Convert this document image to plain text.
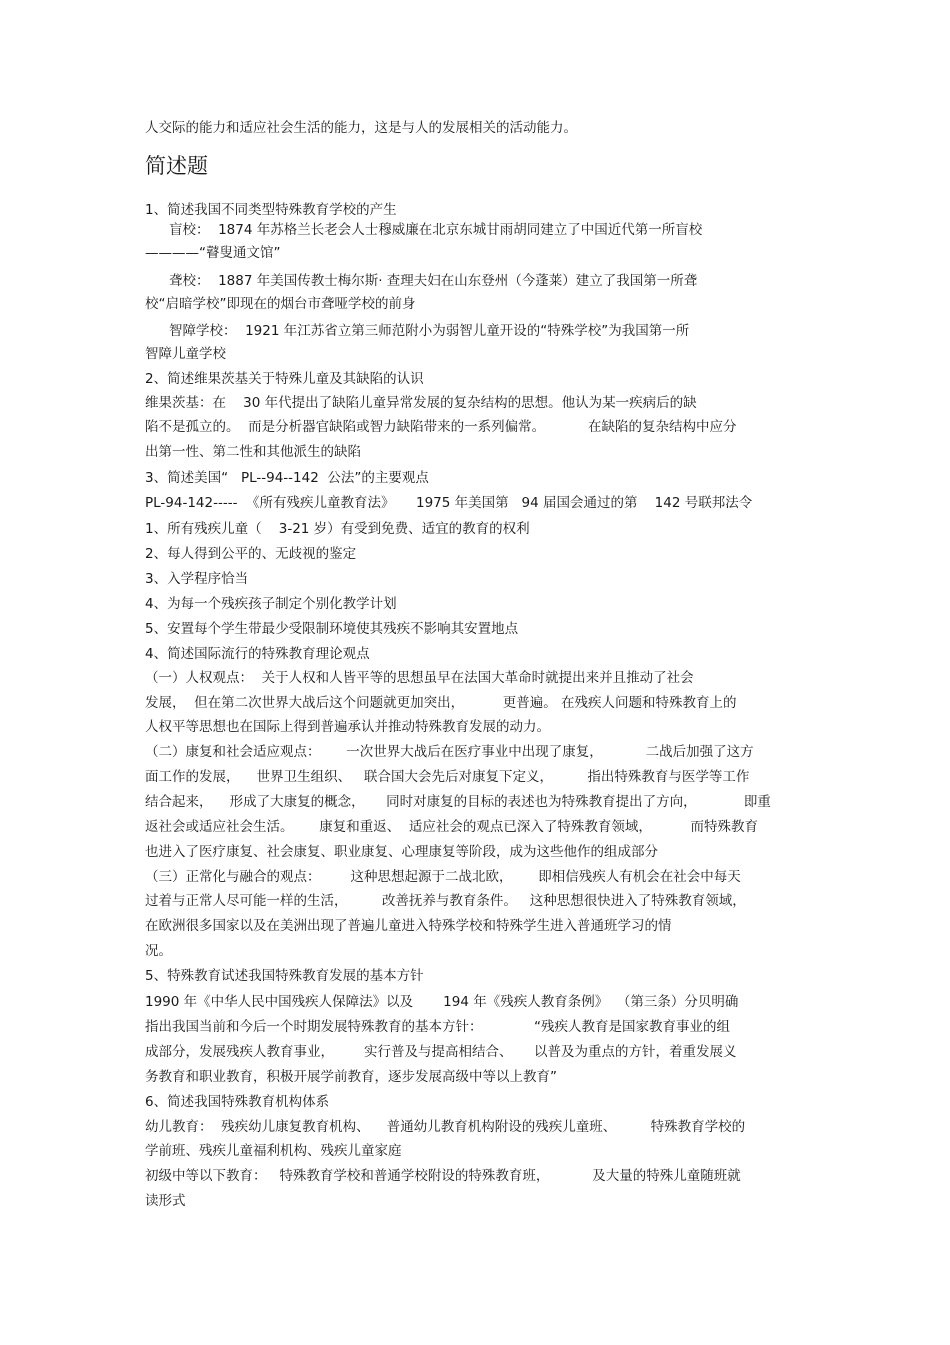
人交际的能力和适应社会生活的能力，这是与人的发展相关的活动能力。
简述题
1、简述我国不同类型特殊教育学校的产生
盲校：  1874 年苏格兰长老会人士穆威廉在北京东城甘雨胡同建立了中国近代第一所盲校
————“瞽叟通文馆”
聋校：  1887 年美国传教士梅尔斯· 查理夫妇在山东登州（今蓬莱）建立了我国第一所聋
校“启暗学校”即现在的烟台市聋哑学校的前身
智障学校：  1921 年江苏省立第三师范附小为弱智儿童开设的“特殊学校”为我国第一所
智障儿童学校
2、简述维果茨基关于特殊儿童及其缺陷的认识
维果茨基：在    30 年代提出了缺陷儿童异常发展的复杂结构的思想。他认为某一疾病后的缺
陷不是孤立的。  而是分析器官缺陷或智力缺陷带来的一系列偏常。          在缺陷的复杂结构中应分
出第一性、第二性和其他派生的缺陷
3、简述美国“   PL--94--142  公法”的主要观点
PL-94-142-----  《所有残疾儿童教育法》     1975 年美国第   94 届国会通过的第    142 号联邦法令
1、所有残疾儿童（    3-21 岁）有受到免费、适宜的教育的权利
2、每人得到公平的、无歧视的鉴定
3、入学程序恰当
4、为每一个残疾孩子制定个别化教学计划
5、安置每个学生带最少受限制环境使其残疾不影响其安置地点
4、简述国际流行的特殊教育理论观点
（一）人权观点：  关于人权和人皆平等的思想虽早在法国大革命时就提出来并且推动了社会
发展，  但在第二次世界大战后这个问题就更加突出，         更普遍。 在残疾人问题和特殊教育上的
人权平等思想也在国际上得到普遍承认并推动特殊教育发展的动力。
（二）康复和社会适应观点：      一次世界大战后在医疗事业中出现了康复，          二战后加强了这方
面工作的发展，    世界卫生组织、   联合国大会先后对康复下定义，        指出特殊教育与医学等工作
结合起来，    形成了大康复的概念，     同时对康复的目标的表述也为特殊教育提出了方向，           即重
返社会或适应社会生活。      康复和重返、  适应社会的观点已深入了特殊教育领域，         而特殊教育
也进入了医疗康复、社会康复、职业康复、心理康复等阶段，成为这些他作的组成部分
（三）正常化与融合的观点：       这种思想起源于二战北欧，      即相信残疾人有机会在社会中每天
过着与正常人尽可能一样的生活，        改善抚养与教育条件。   这种思想很快进入了特殊教育领域，
在欧洲很多国家以及在美洲出现了普遍儿童进入特殊学校和特殊学生进入普通班学习的情
况。
5、特殊教育试述我国特殊教育发展的基本方针
1990 年《中华人民中国残疾人保障法》以及       194 年《残疾人教育条例》  （第三条）分贝明确
指出我国当前和今后一个时期发展特殊教育的基本方针：            “残疾人教育是国家教育事业的组
成部分，发展残疾人教育事业，       实行普及与提高相结合、     以普及为重点的方针，着重发展义
务教育和职业教育，积极开展学前教育，逐步发展高级中等以上教育”
6、简述我国特殊教育机构体系
幼儿教育：  残疾幼儿康复教育机构、    普通幼儿教育机构附设的残疾儿童班、        特殊教育学校的
学前班、残疾儿童福利机构、残疾儿童家庭
初级中等以下教育：   特殊教育学校和普通学校附设的特殊教育班，          及大量的特殊儿童随班就
读形式
